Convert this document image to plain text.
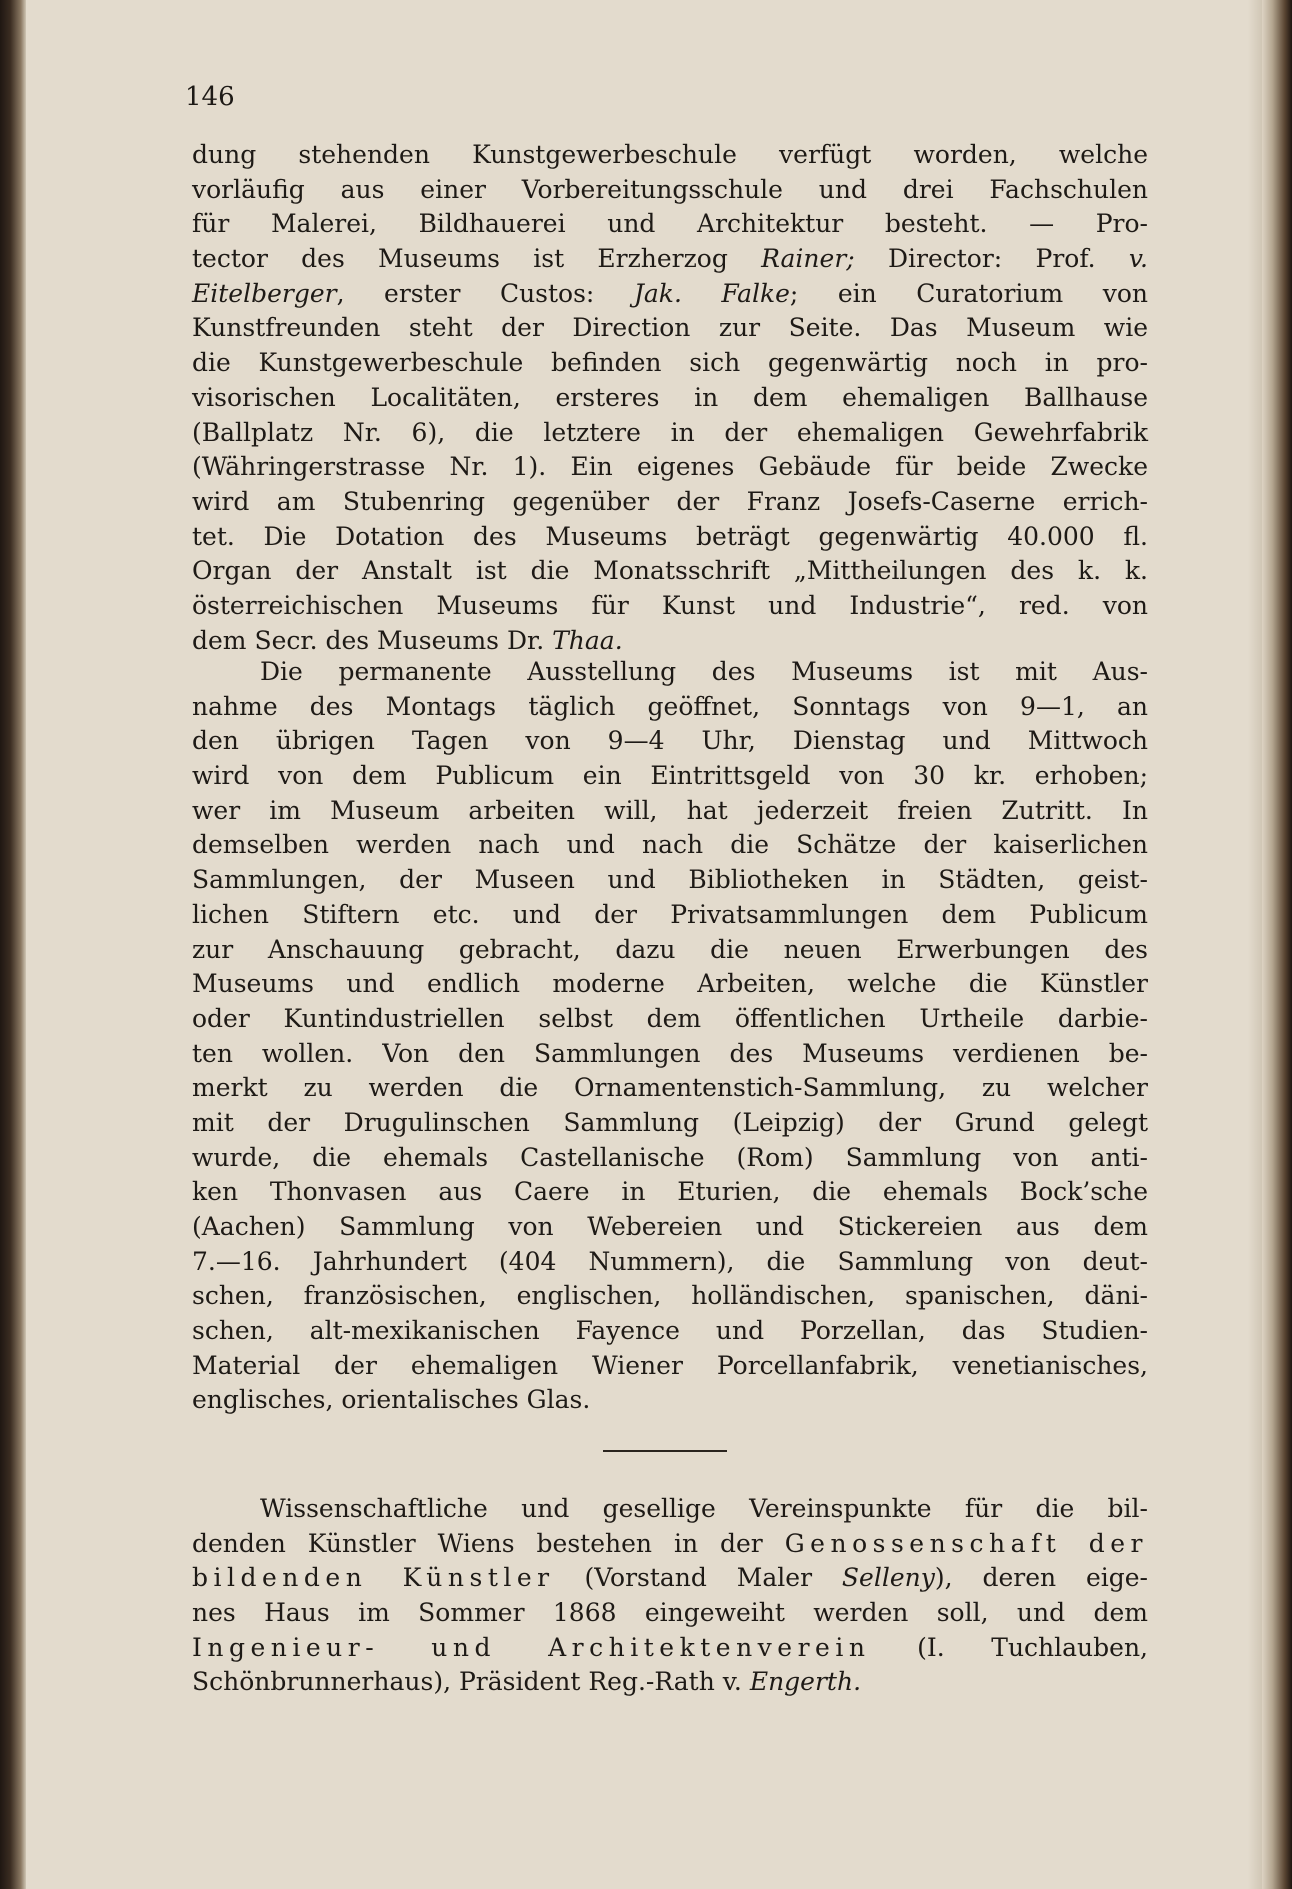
146

dung stehenden Kunstgewerbeschule verfügt worden, welche
vorläufig aus einer Vorbereitungsschule und drei Fachschulen
für Malerei, Bildhauerei und Architektur besteht. — Pro-
tector des Museums ist Erzherzog Rainer; Director: Prof. v.
Eitelberger, erster Custos: Jak. Falke; ein Curatorium von
Kunstfreunden steht der Direction zur Seite. Das Museum wie
die Kunstgewerbeschule befinden sich gegenwärtig noch in pro-
visorischen Localitäten, ersteres in dem ehemaligen Ballhause
(Ballplatz Nr. 6), die letztere in der ehemaligen Gewehrfabrik
(Währingerstrasse Nr. 1). Ein eigenes Gebäude für beide Zwecke
wird am Stubenring gegenüber der Franz Josefs-Caserne errich-
tet. Die Dotation des Museums beträgt gegenwärtig 40.000 fl.
Organ der Anstalt ist die Monatsschrift „Mittheilungen des k. k.
österreichischen Museums für Kunst und Industrie“, red. von
dem Secr. des Museums Dr. Thaa.
Die permanente Ausstellung des Museums ist mit Aus-
nahme des Montags täglich geöffnet, Sonntags von 9—1, an
den übrigen Tagen von 9—4 Uhr, Dienstag und Mittwoch
wird von dem Publicum ein Eintrittsgeld von 30 kr. erhoben;
wer im Museum arbeiten will, hat jederzeit freien Zutritt. In
demselben werden nach und nach die Schätze der kaiserlichen
Sammlungen, der Museen und Bibliotheken in Städten, geist-
lichen Stiftern etc. und der Privatsammlungen dem Publicum
zur Anschauung gebracht, dazu die neuen Erwerbungen des
Museums und endlich moderne Arbeiten, welche die Künstler
oder Kuntindustriellen selbst dem öffentlichen Urtheile darbie-
ten wollen. Von den Sammlungen des Museums verdienen be-
merkt zu werden die Ornamentenstich-Sammlung, zu welcher
mit der Drugulinschen Sammlung (Leipzig) der Grund gelegt
wurde, die ehemals Castellanische (Rom) Sammlung von anti-
ken Thonvasen aus Caere in Eturien, die ehemals Bock’sche
(Aachen) Sammlung von Webereien und Stickereien aus dem
7.—16. Jahrhundert (404 Nummern), die Sammlung von deut-
schen, französischen, englischen, holländischen, spanischen, däni-
schen, alt-mexikanischen Fayence und Porzellan, das Studien-
Material der ehemaligen Wiener Porcellanfabrik, venetianisches,
englisches, orientalisches Glas.
Wissenschaftliche und gesellige Vereinspunkte für die bil-
denden Künstler Wiens bestehen in der Genossenschaft der
bildenden Künstler (Vorstand Maler Selleny), deren eige-
nes Haus im Sommer 1868 eingeweiht werden soll, und dem
Ingenieur- und Architektenverein (I. Tuchlauben,
Schönbrunnerhaus), Präsident Reg.-Rath v. Engerth.
